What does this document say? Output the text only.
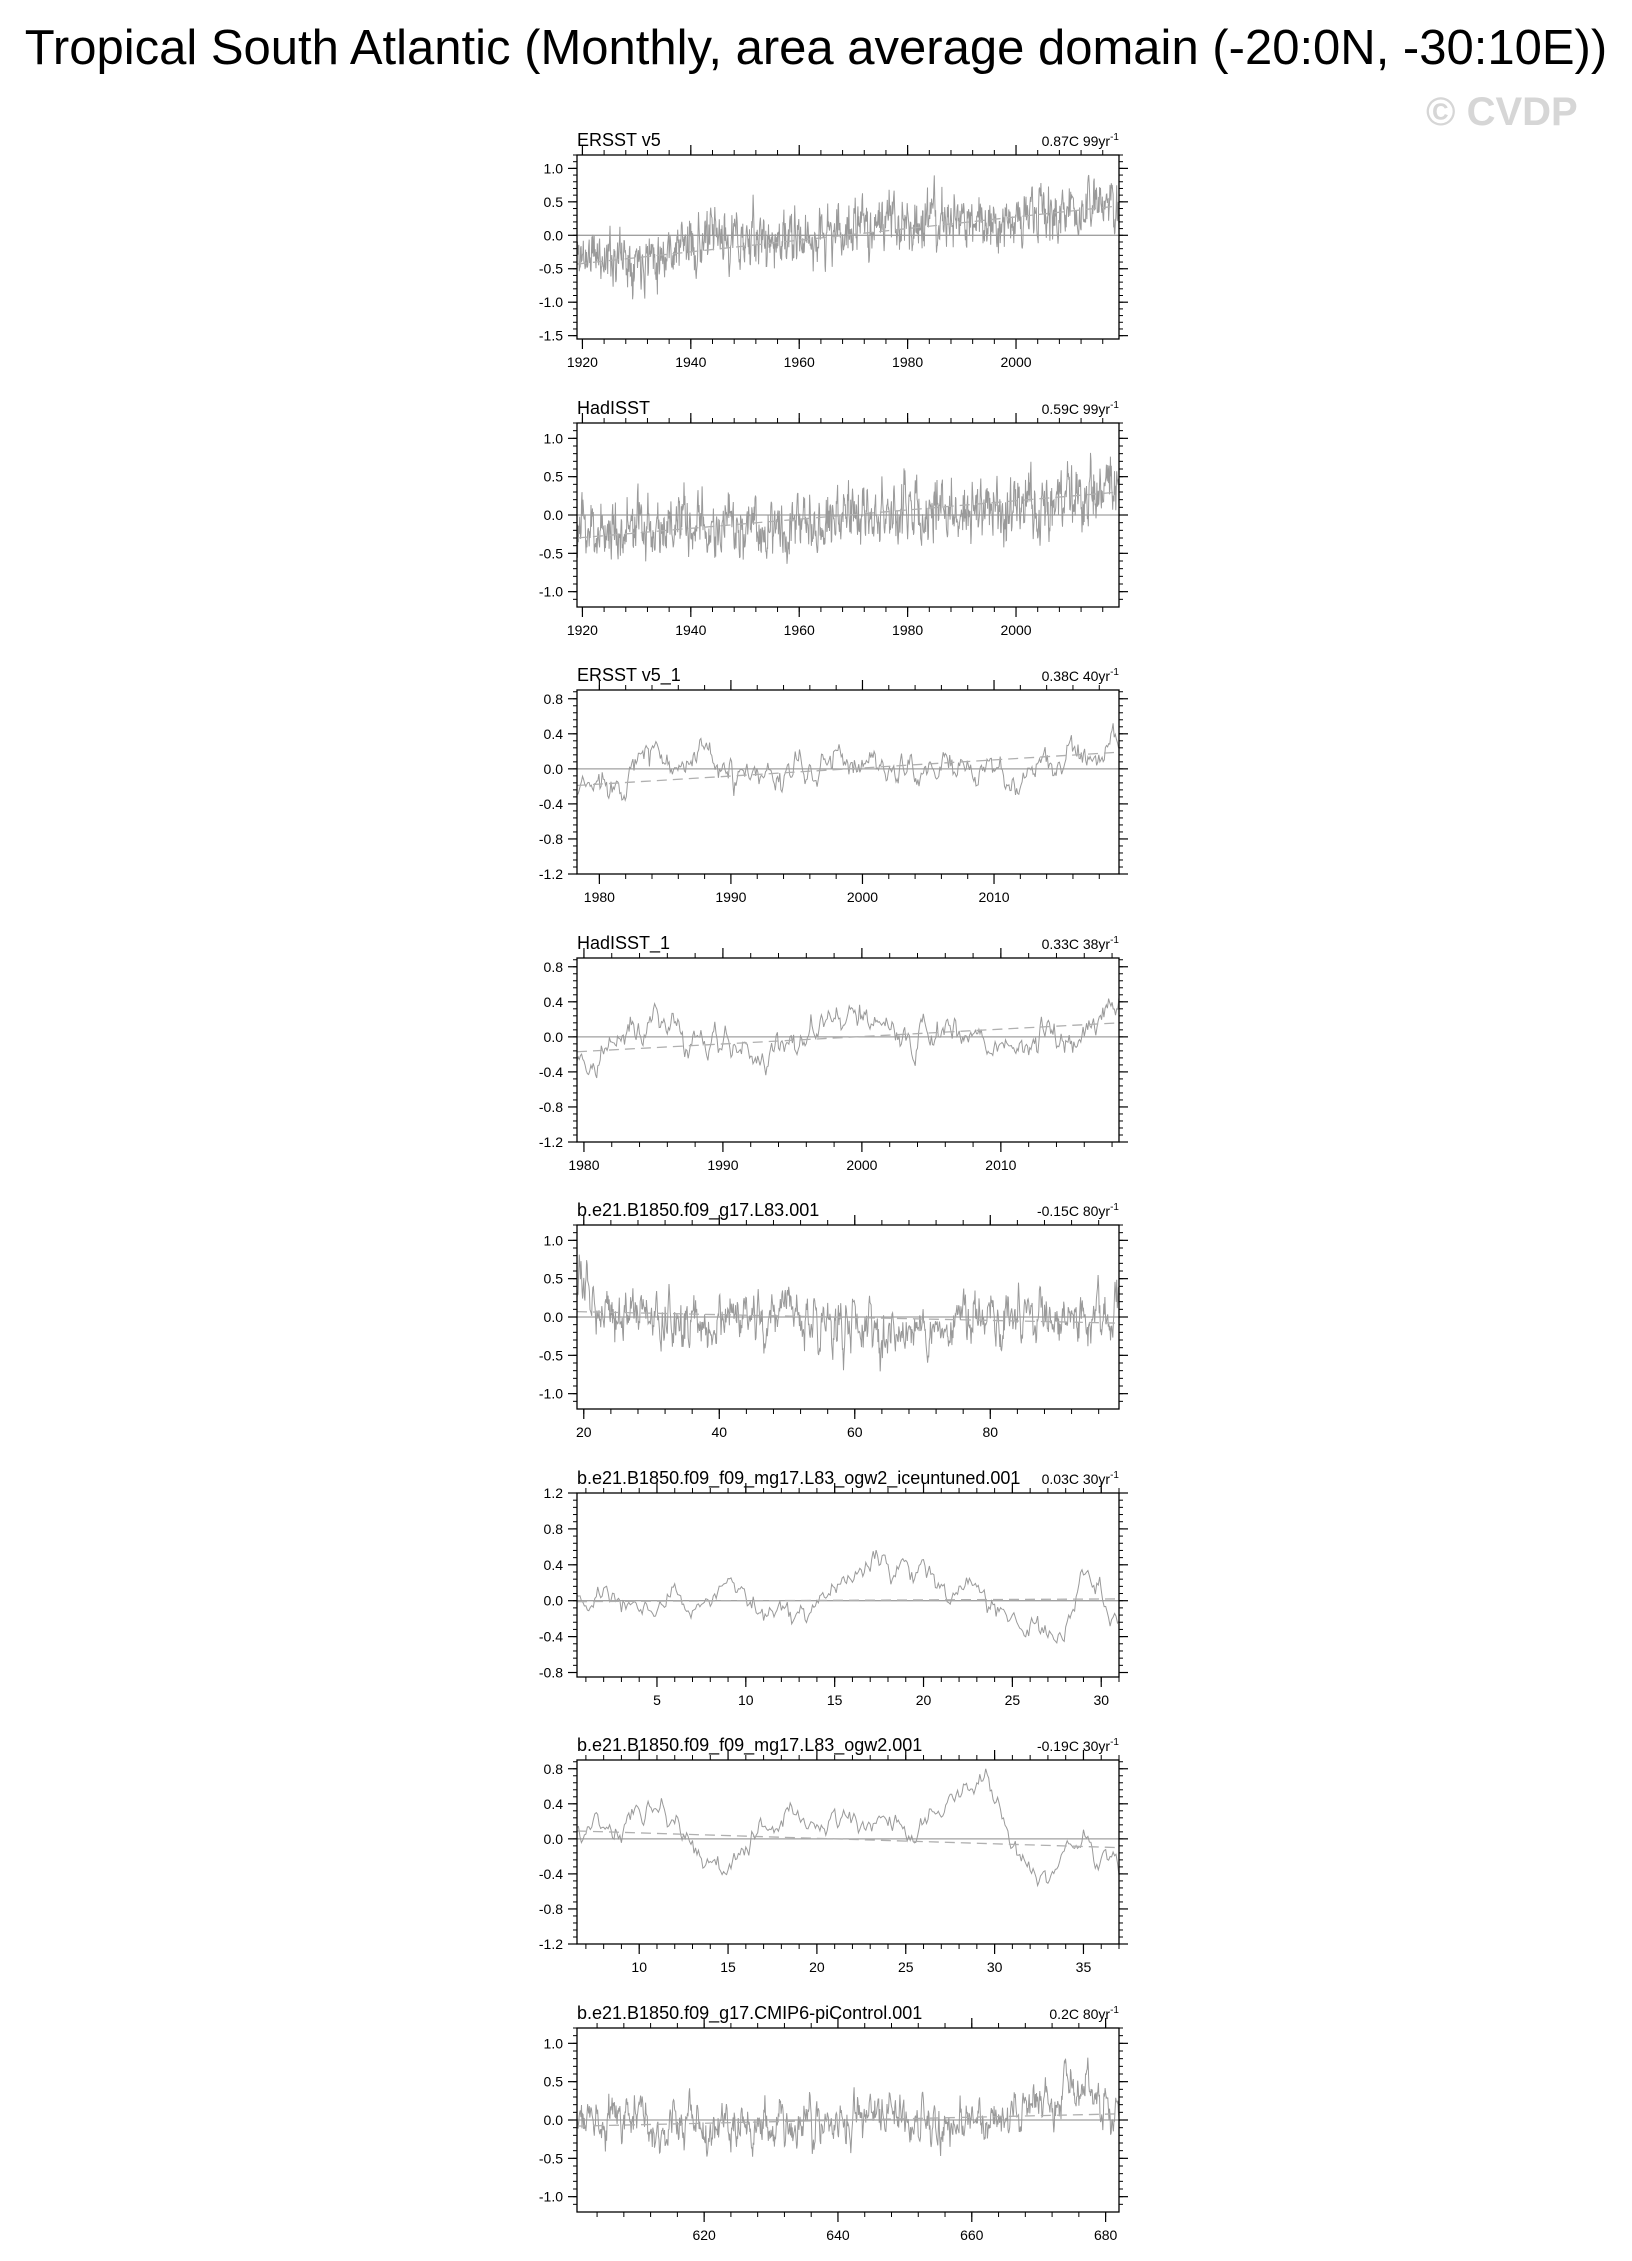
Tropical South Atlantic (Monthly, area average domain (-20:0N, -30:10E))
© CVDP
ERSST v5	0.87C $99yr^{-1}$
-1.5
-1.0
-0.5
0.0
0.5
1.0
1920	1940	1960	1980	2000
HadISST	0.59C $99yr^{-1}$
-1.0
-0.5
0.0
0.5
1.0
1920	1940	1960	1980	2000
ERSST v5_1	0.38C $40yr^{-1}$
-1.2
-0.8
-0.4
0.0
0.4
0.8
1980	1990	2000	2010
HadISST_1	0.33C $38yr^{-1}$
-1.2
-0.8
-0.4
0.0
0.4
0.8
1980	1990	2000	2010
b.e21.B1850.f09_g17.L83.001	-0.15C $80yr^{-1}$
-1.0
-0.5
0.0
0.5
1.0
20	40	60	80
b.e21.B1850.f09_f09_mg17.L83_ogw2_iceuntuned.001 0.03C $30yr^{-1}$
-0.8
-0.4
0.0
0.4
0.8
1.2
5	10	15	20	25	30
b.e21.B1850.f09_f09_mg17.L83_ogw2.001	-0.19C $30yr^{-1}$
-1.2
-0.8
-0.4
0.0
0.4
0.8
10	15	20	25	30	35
b.e21.B1850.f09_g17.CMIP6-piControl.001	0.2C $80yr^{-1}$
-1.0
-0.5
0.0
0.5
1.0
620	640	660	680
